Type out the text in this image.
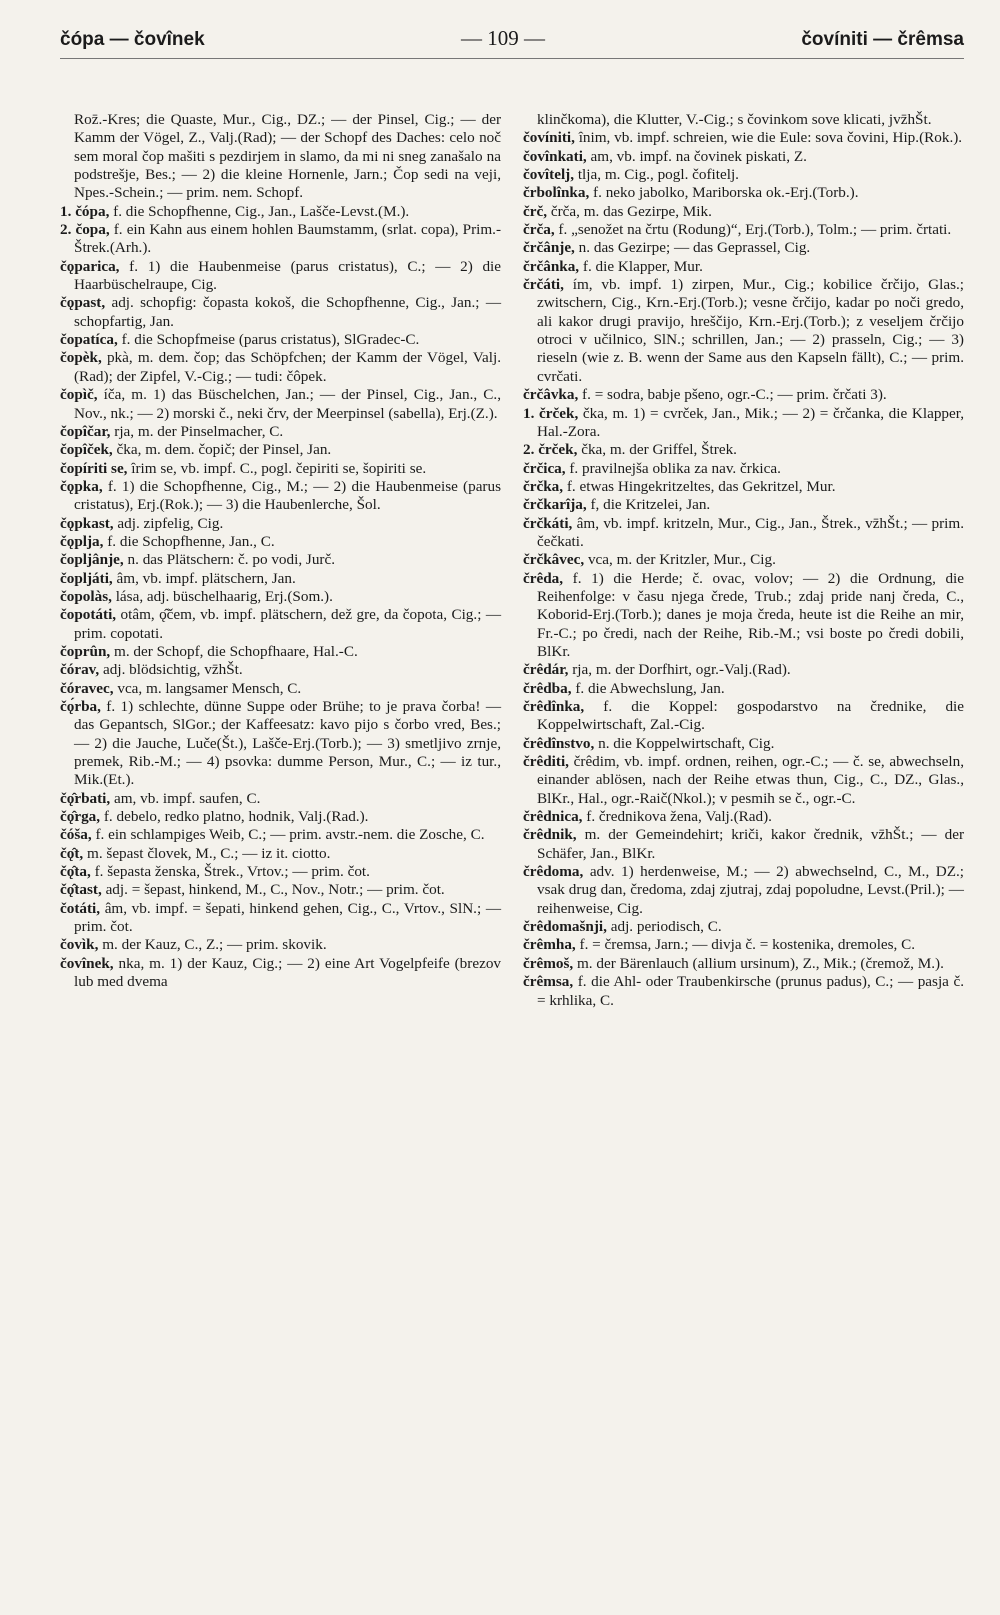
čópa — čovînek	— 109 —	čovíniti — črêmsa

Roz̄.-Kres; die Quaste, Mur., Cig., DZ.; — der Pinsel, Cig.; — der Kamm der Vögel, Z., Valj.(Rad); — der Schopf des Daches: celo noč sem moral čop mašiti s pezdirjem in slamo, da mi ni sneg zanašalo na podstrešje, Bes.; — 2) die kleine Hornenle, Jarn.; Čop sedi na veji, Npes.-Schein.; — prim. nem. Schopf.

1. čópa, f. die Schopfhenne, Cig., Jan., Lašče-Levst.(M.).

2. čopa, f. ein Kahn aus einem hohlen Baumstamm, (srlat. copa), Prim.-Štrek.(Arh.).

čǫparica, f. 1) die Haubenmeise (parus cristatus), C.; — 2) die Haarbüschelraupe, Cig.

čǫpast, adj. schopfig: čopasta kokoš, die Schopfhenne, Cig., Jan.; — schopfartig, Jan.

čopatíca, f. die Schopfmeise (parus cristatus), SlGradec-C.

čopèk, pkà, m. dem. čop; das Schöpfchen; der Kamm der Vögel, Valj.(Rad); der Zipfel, V.-Cig.; — tudi: čôpek.

čopìč, íča, m. 1) das Büschelchen, Jan.; — der Pinsel, Cig., Jan., C., Nov., nk.; — 2) morski č., neki črv, der Meerpinsel (sabella), Erj.(Z.).

čopîčar, rja, m. der Pinselmacher, C.

čopîček, čka, m. dem. čopič; der Pinsel, Jan.

čopíriti se, îrim se, vb. impf. C., pogl. čepiriti se, šopiriti se.

čǫpka, f. 1) die Schopfhenne, Cig., M.; — 2) die Haubenmeise (parus cristatus), Erj.(Rok.); — 3) die Haubenlerche, Šol.

čǫpkast, adj. zipfelig, Cig.

čǫplja, f. die Schopfhenne, Jan., C.

čopljânje, n. das Plätschern: č. po vodi, Jurč.

čopljáti, âm, vb. impf. plätschern, Jan.

čopolàs, lása, adj. büschelhaarig, Erj.(Som.).

čopotáti, otâm, ǫ̂čem, vb. impf. plätschern, dež gre, da čopota, Cig.; — prim. copotati.

čoprûn, m. der Schopf, die Schopfhaare, Hal.-C.

čórav, adj. blödsichtig, vz̄hŠt.

čóravec, vca, m. langsamer Mensch, C.

čǫ́rba, f. 1) schlechte, dünne Suppe oder Brühe; to je prava čorba! — das Gepantsch, SlGor.; der Kaffeesatz: kavo pijo s čorbo vred, Bes.; — 2) die Jauche, Luče(Št.), Lašče-Erj.(Torb.); — 3) smetljivo zrnje, premek, Rib.-M.; — 4) psovka: dumme Person, Mur., C.; — iz tur., Mik.(Et.).

čǫ̂rbati, am, vb. impf. saufen, C.

čǫ̂rga, f. debelo, redko platno, hodnik, Valj.(Rad.).

čóša, f. ein schlampiges Weib, C.; — prim. avstr.-nem. die Zosche, C.

čǫ̂t, m. šepast človek, M., C.; — iz it. ciotto.

čǫ̂ta, f. šepasta ženska, Štrek., Vrtov.; — prim. čot.

čǫ̂tast, adj. = šepast, hinkend, M., C., Nov., Notr.; — prim. čot.

čotáti, âm, vb. impf. = šepati, hinkend gehen, Cig., C., Vrtov., SlN.; — prim. čot.

čovìk, m. der Kauz, C., Z.; — prim. skovik.

čovînek, nka, m. 1) der Kauz, Cig.; — 2) eine Art Vogelpfeife (brezov lub med dvema

klinčkoma), die Klutter, V.-Cig.; s čovinkom sove klicati, jvz̄hŠt.

čovíniti, înim, vb. impf. schreien, wie die Eule: sova čovini, Hip.(Rok.).

čovînkati, am, vb. impf. na čovinek piskati, Z.

čovîtelj, tlja, m. Cig., pogl. čofitelj.

črbolînka, f. neko jabolko, Mariborska ok.-Erj.(Torb.).

črč, črča, m. das Gezirpe, Mik.

črča, f. „senožet na črtu (Rodung)“, Erj.(Torb.), Tolm.; — prim. črtati.

črčânje, n. das Gezirpe; — das Geprassel, Cig.

črčânka, f. die Klapper, Mur.

črčáti, ím, vb. impf. 1) zirpen, Mur., Cig.; kobilice črčijo, Glas.; zwitschern, Cig., Krn.-Erj.(Torb.); vesne črčijo, kadar po noči gredo, ali kakor drugi pravijo, hreščijo, Krn.-Erj.(Torb.); z veseljem črčijo otroci v učilnico, SlN.; schrillen, Jan.; — 2) prasseln, Cig.; — 3) rieseln (wie z. B. wenn der Same aus den Kapseln fällt), C.; — prim. cvrčati.

črčâvka, f. = sodra, babje pšeno, ogr.-C.; — prim. črčati 3).

1. črček, čka, m. 1) = cvrček, Jan., Mik.; — 2) = črčanka, die Klapper, Hal.-Zora.

2. črček, čka, m. der Griffel, Štrek.

črčica, f. pravilnejša oblika za nav. črkica.

črčka, f. etwas Hingekritzeltes, das Gekritzel, Mur.

črčkarîja, f, die Kritzelei, Jan.

črčkáti, âm, vb. impf. kritzeln, Mur., Cig., Jan., Štrek., vz̄hŠt.; — prim. čečkati.

črčkâvec, vca, m. der Kritzler, Mur., Cig.

črêda, f. 1) die Herde; č. ovac, volov; — 2) die Ordnung, die Reihenfolge: v času njega črede, Trub.; zdaj pride nanj čreda, C., Koborid-Erj.(Torb.); danes je moja čreda, heute ist die Reihe an mir, Fr.-C.; po čredi, nach der Reihe, Rib.-M.; vsi boste po čredi dobili, BlKr.

črêdár, rja, m. der Dorfhirt, ogr.-Valj.(Rad).

črêdba, f. die Abwechslung, Jan.

črêdînka, f. die Koppel: gospodarstvo na črednike, die Koppelwirtschaft, Zal.-Cig.

črêdînstvo, n. die Koppelwirtschaft, Cig.

črêditi, črêdim, vb. impf. ordnen, reihen, ogr.-C.; — č. se, abwechseln, einander ablösen, nach der Reihe etwas thun, Cig., C., DZ., Glas., BlKr., Hal., ogr.-Raič(Nkol.); v pesmih se č., ogr.-C.

črêdnica, f. črednikova žena, Valj.(Rad).

črêdnik, m. der Gemeindehirt; kriči, kakor črednik, vz̄hŠt.; — der Schäfer, Jan., BlKr.

črêdoma, adv. 1) herdenweise, M.; — 2) abwechselnd, C., M., DZ.; vsak drug dan, čredoma, zdaj zjutraj, zdaj popoludne, Levst.(Pril.); — reihenweise, Cig.

črêdomašnji, adj. periodisch, C.

črêmha, f. = čremsa, Jarn.; — divja č. = kostenika, dremoles, C.

črêmoš, m. der Bärenlauch (allium ursinum), Z., Mik.; (čremož, M.).

črêmsa, f. die Ahl- oder Traubenkirsche (prunus padus), C.; — pasja č. = krhlika, C.
